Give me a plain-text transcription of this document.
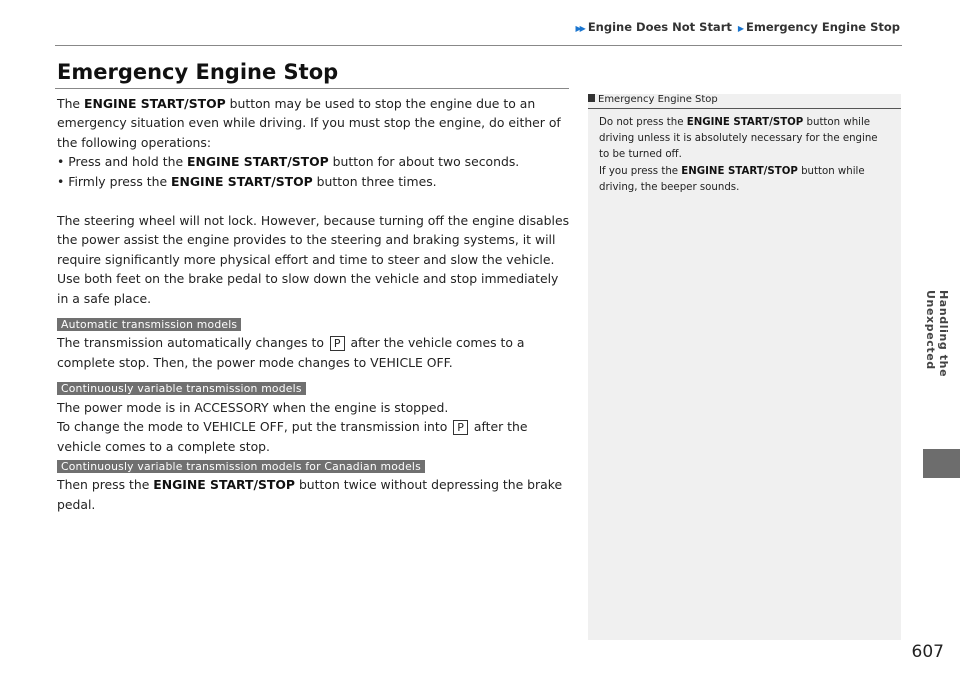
▶▶ Engine Does Not Start ▶ Emergency Engine Stop
Handling the Unexpected
Emergency Engine Stop

The ENGINE START/STOP button may be used to stop the engine due to an emergency situation even while driving. If you must stop the engine, do either of the following operations:

• Press and hold the ENGINE START/STOP button for about two seconds.
• Firmly press the ENGINE START/STOP button three times.

The steering wheel will not lock. However, because turning off the engine disables the power assist the engine provides to the steering and braking systems, it will require significantly more physical effort and time to steer and slow the vehicle. Use both feet on the brake pedal to slow down the vehicle and stop immediately in a safe place.

Automatic transmission models

The transmission automatically changes to P after the vehicle comes to a complete stop. Then, the power mode changes to VEHICLE OFF.

Continuously variable transmission models

The power mode is in ACCESSORY when the engine is stopped.

To change the mode to VEHICLE OFF, put the transmission into P after the vehicle comes to a complete stop.

Continuously variable transmission models for Canadian models

Then press the ENGINE START/STOP button twice without depressing the brake pedal.

Emergency Engine Stop

Do not press the ENGINE START/STOP button while driving unless it is absolutely necessary for the engine to be turned off.

If you press the ENGINE START/STOP button while driving, the beeper sounds.

607
